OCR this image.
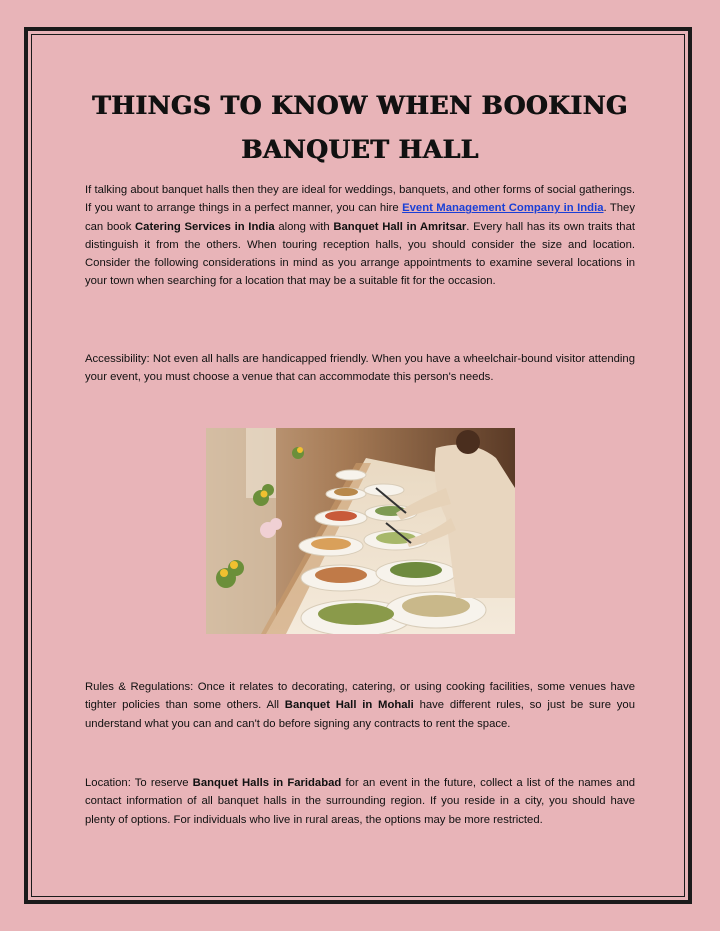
THINGS TO KNOW WHEN BOOKING
BANQUET HALL
If talking about banquet halls then they are ideal for weddings, banquets, and other forms of social gatherings. If you want to arrange things in a perfect manner, you can hire Event Management Company in India. They can book Catering Services in India along with Banquet Hall in Amritsar. Every hall has its own traits that distinguish it from the others. When touring reception halls, you should consider the size and location. Consider the following considerations in mind as you arrange appointments to examine several locations in your town when searching for a location that may be a suitable fit for the occasion.
Accessibility: Not even all halls are handicapped friendly. When you have a wheelchair-bound visitor attending your event, you must choose a venue that can accommodate this person's needs.
Rules & Regulations: Once it relates to decorating, catering, or using cooking facilities, some venues have tighter policies than some others. All Banquet Hall in Mohali have different rules, so just be sure you understand what you can and can't do before signing any contracts to rent the space.
Location: To reserve Banquet Halls in Faridabad for an event in the future, collect a list of the names and contact information of all banquet halls in the surrounding region. If you reside in a city, you should have plenty of options. For individuals who live in rural areas, the options may be more restricted.
